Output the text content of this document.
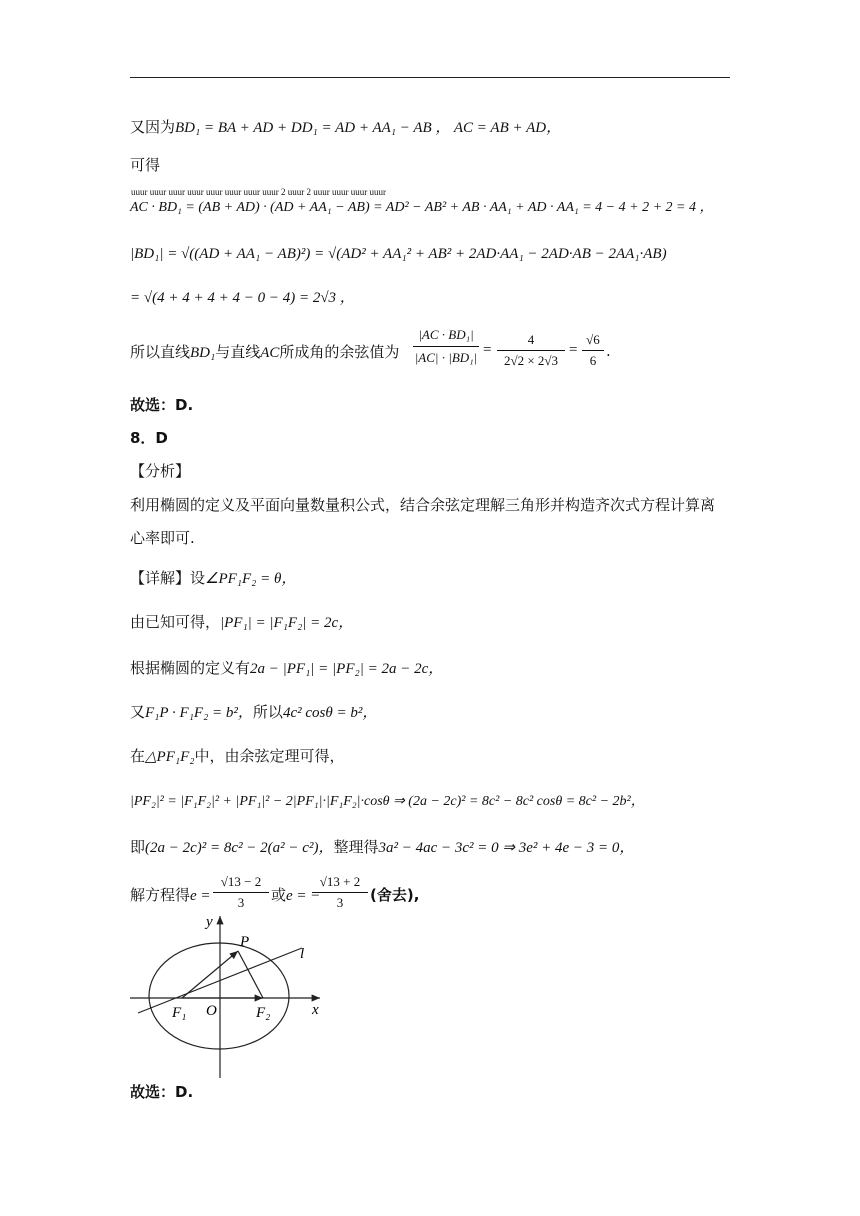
又因为BD₁ = BA + AD + DD₁ = AD + AA₁ − AB ， AC = AB + AD，
可得
uuur uuur uuur uuur uuur uuur uuur uuur 2 uuur 2 uuur uuur uuur uuur
AC · BD₁ = (AB + AD) · (AD + AA₁ − AB) = AD² − AB² + AB · AA₁ + AD · AA₁ = 4 − 4 + 2 + 2 = 4 ，
|BD₁| = √((AD + AA₁ − AB)²) = √(AD² + AA₁² + AB² + 2AD·AA₁ − 2AD·AB − 2AA₁·AB)
= √(4 + 4 + 4 + 4 − 0 − 4) = 2√3 ，
所以直线BD₁与直线AC所成角的余弦值为
|AC · BD₁|
|AC| · |BD₁| =
4
2√2 × 2√3
=
√6
6
.
故选：D.
8．D
【分析】
利用椭圆的定义及平面向量数量积公式，结合余弦定理解三角形并构造齐次式方程计算离
心率即可.
【详解】设∠PF₁F₂ = θ，
由已知可得，|PF₁| = |F₁F₂| = 2c，
根据椭圆的定义有2a − |PF₁| = |PF₂| = 2a − 2c，
又F₁P · F₁F₂ = b²，所以4c² cosθ = b²，
在△PF₁F₂中，由余弦定理可得，
|PF₂|² = |F₁F₂|² + |PF₁|² − 2|PF₁|·|F₁F₂|·cosθ ⇒ (2a − 2c)² = 8c² − 8c² cosθ = 8c² − 2b²，
即(2a − 2c)² = 8c² − 2(a² − c²)，整理得3a² − 4ac − 3c² = 0 ⇒ 3e² + 4e − 3 = 0，
解方程得e =
√13 − 2
3	或e = −
√13 + 2
3	(舍去),
y
x
P
l
F₁ O	F₂
故选：D.
